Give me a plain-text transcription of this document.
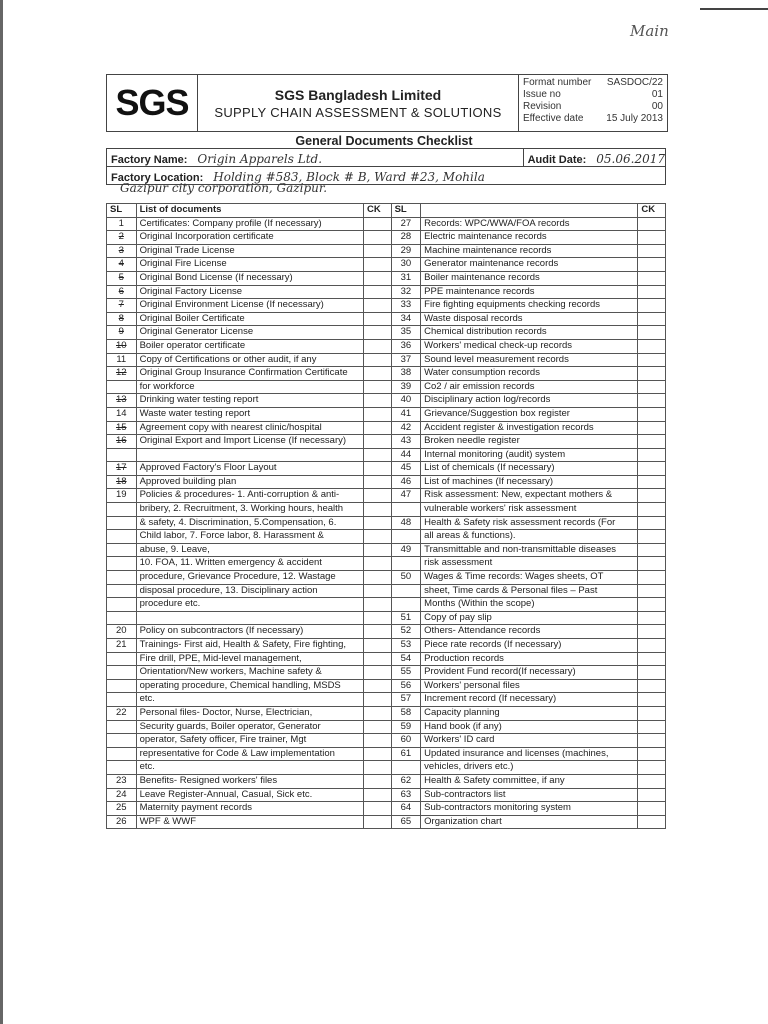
Main
SGS	SGS Bangladesh Limited
SUPPLY CHAIN ASSESSMENT & SOLUTIONS
Format number SASDOC/22
Issue no	01
Revision	00
Effective date 15 July 2013
General Documents Checklist
Factory Name: Origin Apparels Ltd.	Audit Date: 05.06.2017
Factory Location: Holding #583, Block # B, Ward #23, Mohila
Gazipur city corporation, Gazipur.
SL	List of documents	CK	SL		CK
1	Certificates: Company profile (If necessary)		27	Records: WPC/WWA/FOA records	
2	Original Incorporation certificate		28	Electric maintenance records	
3	Original Trade License		29	Machine maintenance records	
4	Original Fire License		30	Generator maintenance records	
5	Original Bond License (If necessary)		31	Boiler maintenance records	
6	Original Factory License		32	PPE maintenance records	
7	Original Environment License (If necessary)		33	Fire fighting equipments checking records	
8	Original Boiler Certificate		34	Waste disposal records	
9	Original Generator License		35	Chemical distribution records	
10	Boiler operator certificate		36	Workers' medical check-up records	
11	Copy of Certifications or other audit, if any		37	Sound level measurement records	
12	Original Group Insurance Confirmation Certificate		38	Water consumption records	
	for workforce		39	Co2 / air emission records	
13	Drinking water testing report		40	Disciplinary action log/records	
14	Waste water testing report		41	Grievance/Suggestion box register	
15	Agreement copy with nearest clinic/hospital		42	Accident register & investigation records	
16	Original Export and Import License (If necessary)		43	Broken needle register	
			44	Internal monitoring (audit) system	
17	Approved Factory's Floor Layout		45	List of chemicals (If necessary)	
18	Approved building plan		46	List of machines (If necessary)	
19	Policies & procedures- 1. Anti-corruption & anti-		47	Risk assessment: New, expectant mothers &	
	bribery, 2. Recruitment, 3. Working hours, health			vulnerable workers' risk assessment	
	& safety, 4. Discrimination, 5.Compensation, 6.		48	Health & Safety risk assessment records (For	
	Child labor, 7. Force labor, 8. Harassment &			all areas & functions).	
	abuse, 9. Leave,		49	Transmittable and non-transmittable diseases	
	10. FOA, 11. Written emergency & accident			risk assessment	
	procedure, Grievance Procedure, 12. Wastage		50	Wages & Time records: Wages sheets, OT	
	disposal procedure, 13. Disciplinary action			sheet, Time cards & Personal files – Past	
	procedure etc.			Months (Within the scope)	
			51	Copy of pay slip	
20	Policy on subcontractors (If necessary)		52	Others- Attendance records	
21	Trainings- First aid, Health & Safety, Fire fighting,		53	Piece rate records (If necessary)	
	Fire drill, PPE, Mid-level management,		54	Production records	
	Orientation/New workers, Machine safety &		55	Provident Fund record(If necessary)	
	operating procedure, Chemical handling, MSDS		56	Workers' personal files	
	etc.		57	Increment record (If necessary)	
22	Personal files- Doctor, Nurse, Electrician,		58	Capacity planning	
	Security guards, Boiler operator, Generator		59	Hand book (if any)	
	operator, Safety officer, Fire trainer, Mgt		60	Workers' ID card	
	representative for Code & Law implementation		61	Updated insurance and licenses (machines,	
	etc.			vehicles, drivers etc.)	
23	Benefits- Resigned workers' files		62	Health & Safety committee, if any	
24	Leave Register-Annual, Casual, Sick etc.		63	Sub-contractors list	
25	Maternity payment records		64	Sub-contractors monitoring system	
26	WPF & WWF		65	Organization chart	
